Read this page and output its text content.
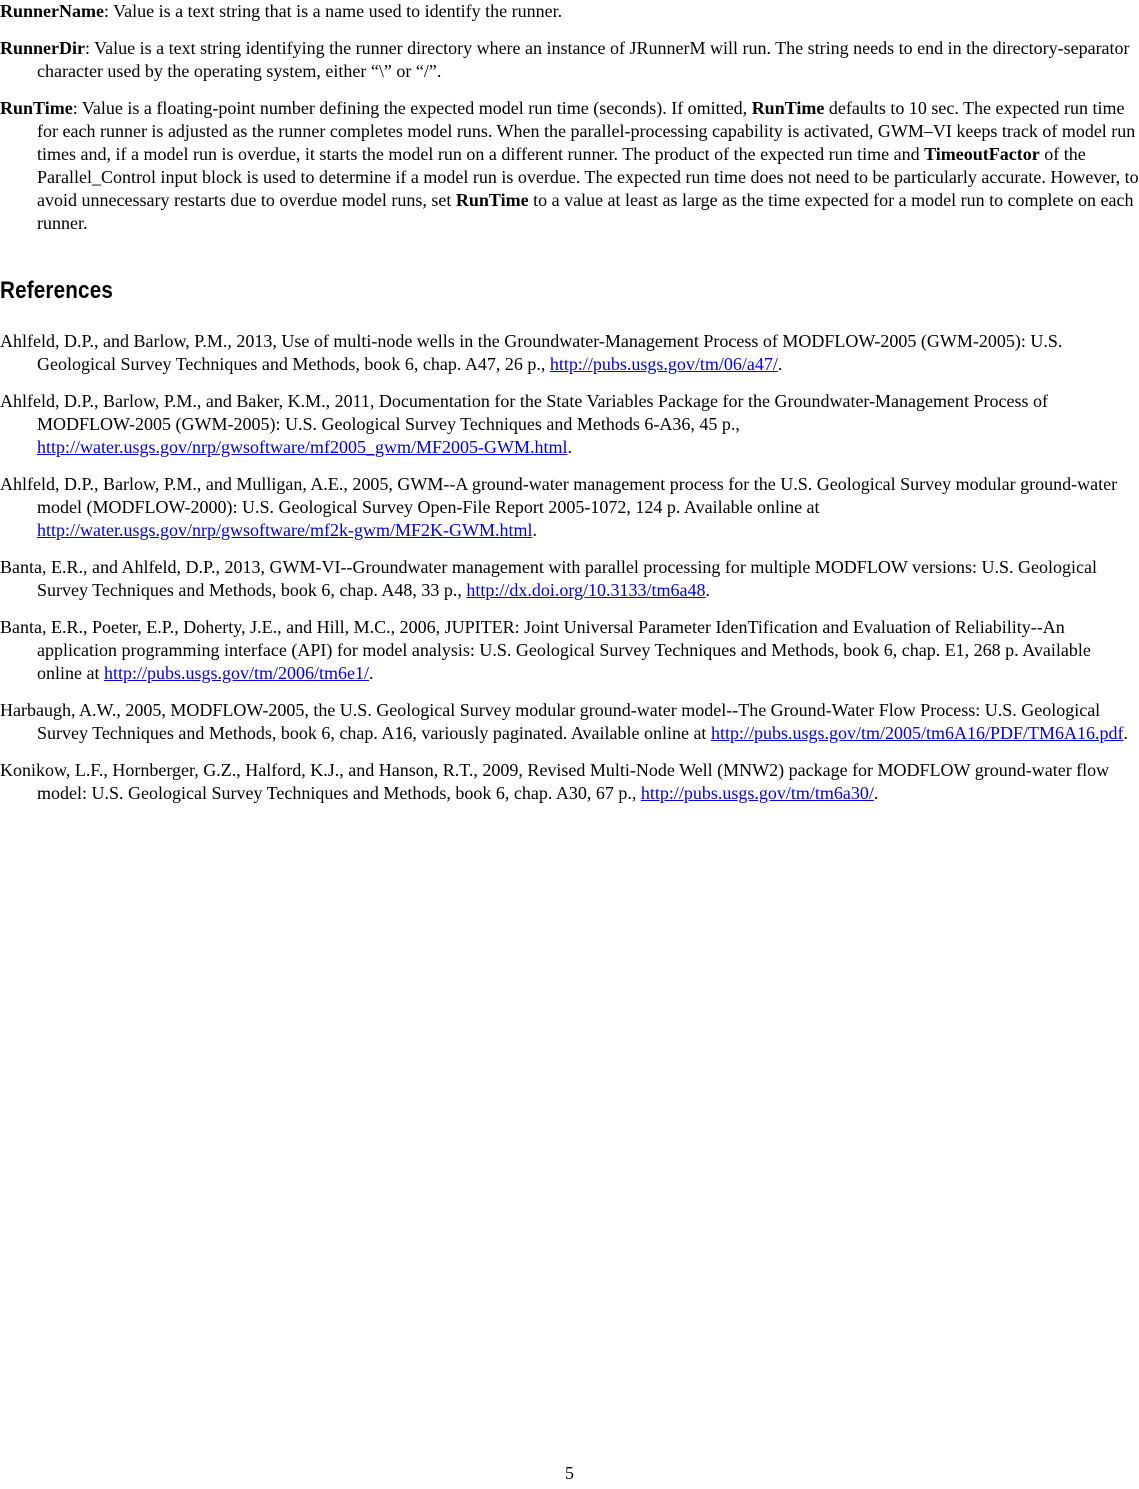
RunnerName: Value is a text string that is a name used to identify the runner.

RunnerDir: Value is a text string identifying the runner directory where an instance of JRunnerM will run. The string needs to end in the directory-separator character used by the operating system, either “\” or “/”.

RunTime: Value is a floating-point number defining the expected model run time (seconds). If omitted, RunTime defaults to 10 sec. The expected run time for each runner is adjusted as the runner completes model runs. When the parallel-processing capability is activated, GWM–VI keeps track of model run times and, if a model run is overdue, it starts the model run on a different runner. The product of the expected run time and TimeoutFactor of the Parallel_Control input block is used to determine if a model run is overdue. The expected run time does not need to be particularly accurate. However, to avoid unnecessary restarts due to overdue model runs, set RunTime to a value at least as large as the time expected for a model run to complete on each runner.

References

Ahlfeld, D.P., and Barlow, P.M., 2013, Use of multi-node wells in the Groundwater-Management Process of MODFLOW-2005 (GWM-2005): U.S. Geological Survey Techniques and Methods, book 6, chap. A47, 26 p., http://pubs.usgs.gov/tm/06/a47/.

Ahlfeld, D.P., Barlow, P.M., and Baker, K.M., 2011, Documentation for the State Variables Package for the Groundwater-Management Process of MODFLOW-2005 (GWM-2005): U.S. Geological Survey Techniques and Methods 6-A36, 45 p., http://water.usgs.gov/nrp/gwsoftware/mf2005_gwm/MF2005-GWM.html.

Ahlfeld, D.P., Barlow, P.M., and Mulligan, A.E., 2005, GWM--A ground-water management process for the U.S. Geological Survey modular ground-water model (MODFLOW-2000): U.S. Geological Survey Open-File Report 2005-1072, 124 p. Available online at http://water.usgs.gov/nrp/gwsoftware/mf2k-gwm/MF2K-GWM.html.

Banta, E.R., and Ahlfeld, D.P., 2013, GWM-VI--Groundwater management with parallel processing for multiple MODFLOW versions: U.S. Geological Survey Techniques and Methods, book 6, chap. A48, 33 p., http://dx.doi.org/10.3133/tm6a48.

Banta, E.R., Poeter, E.P., Doherty, J.E., and Hill, M.C., 2006, JUPITER: Joint Universal Parameter IdenTification and Evaluation of Reliability--An application programming interface (API) for model analysis: U.S. Geological Survey Techniques and Methods, book 6, chap. E1, 268 p. Available online at http://pubs.usgs.gov/tm/2006/tm6e1/.

Harbaugh, A.W., 2005, MODFLOW-2005, the U.S. Geological Survey modular ground-water model--The Ground-Water Flow Process: U.S. Geological Survey Techniques and Methods, book 6, chap. A16, variously paginated. Available online at http://pubs.usgs.gov/tm/2005/tm6A16/PDF/TM6A16.pdf.

Konikow, L.F., Hornberger, G.Z., Halford, K.J., and Hanson, R.T., 2009, Revised Multi-Node Well (MNW2) package for MODFLOW ground-water flow model: U.S. Geological Survey Techniques and Methods, book 6, chap. A30, 67 p., http://pubs.usgs.gov/tm/tm6a30/.

5
